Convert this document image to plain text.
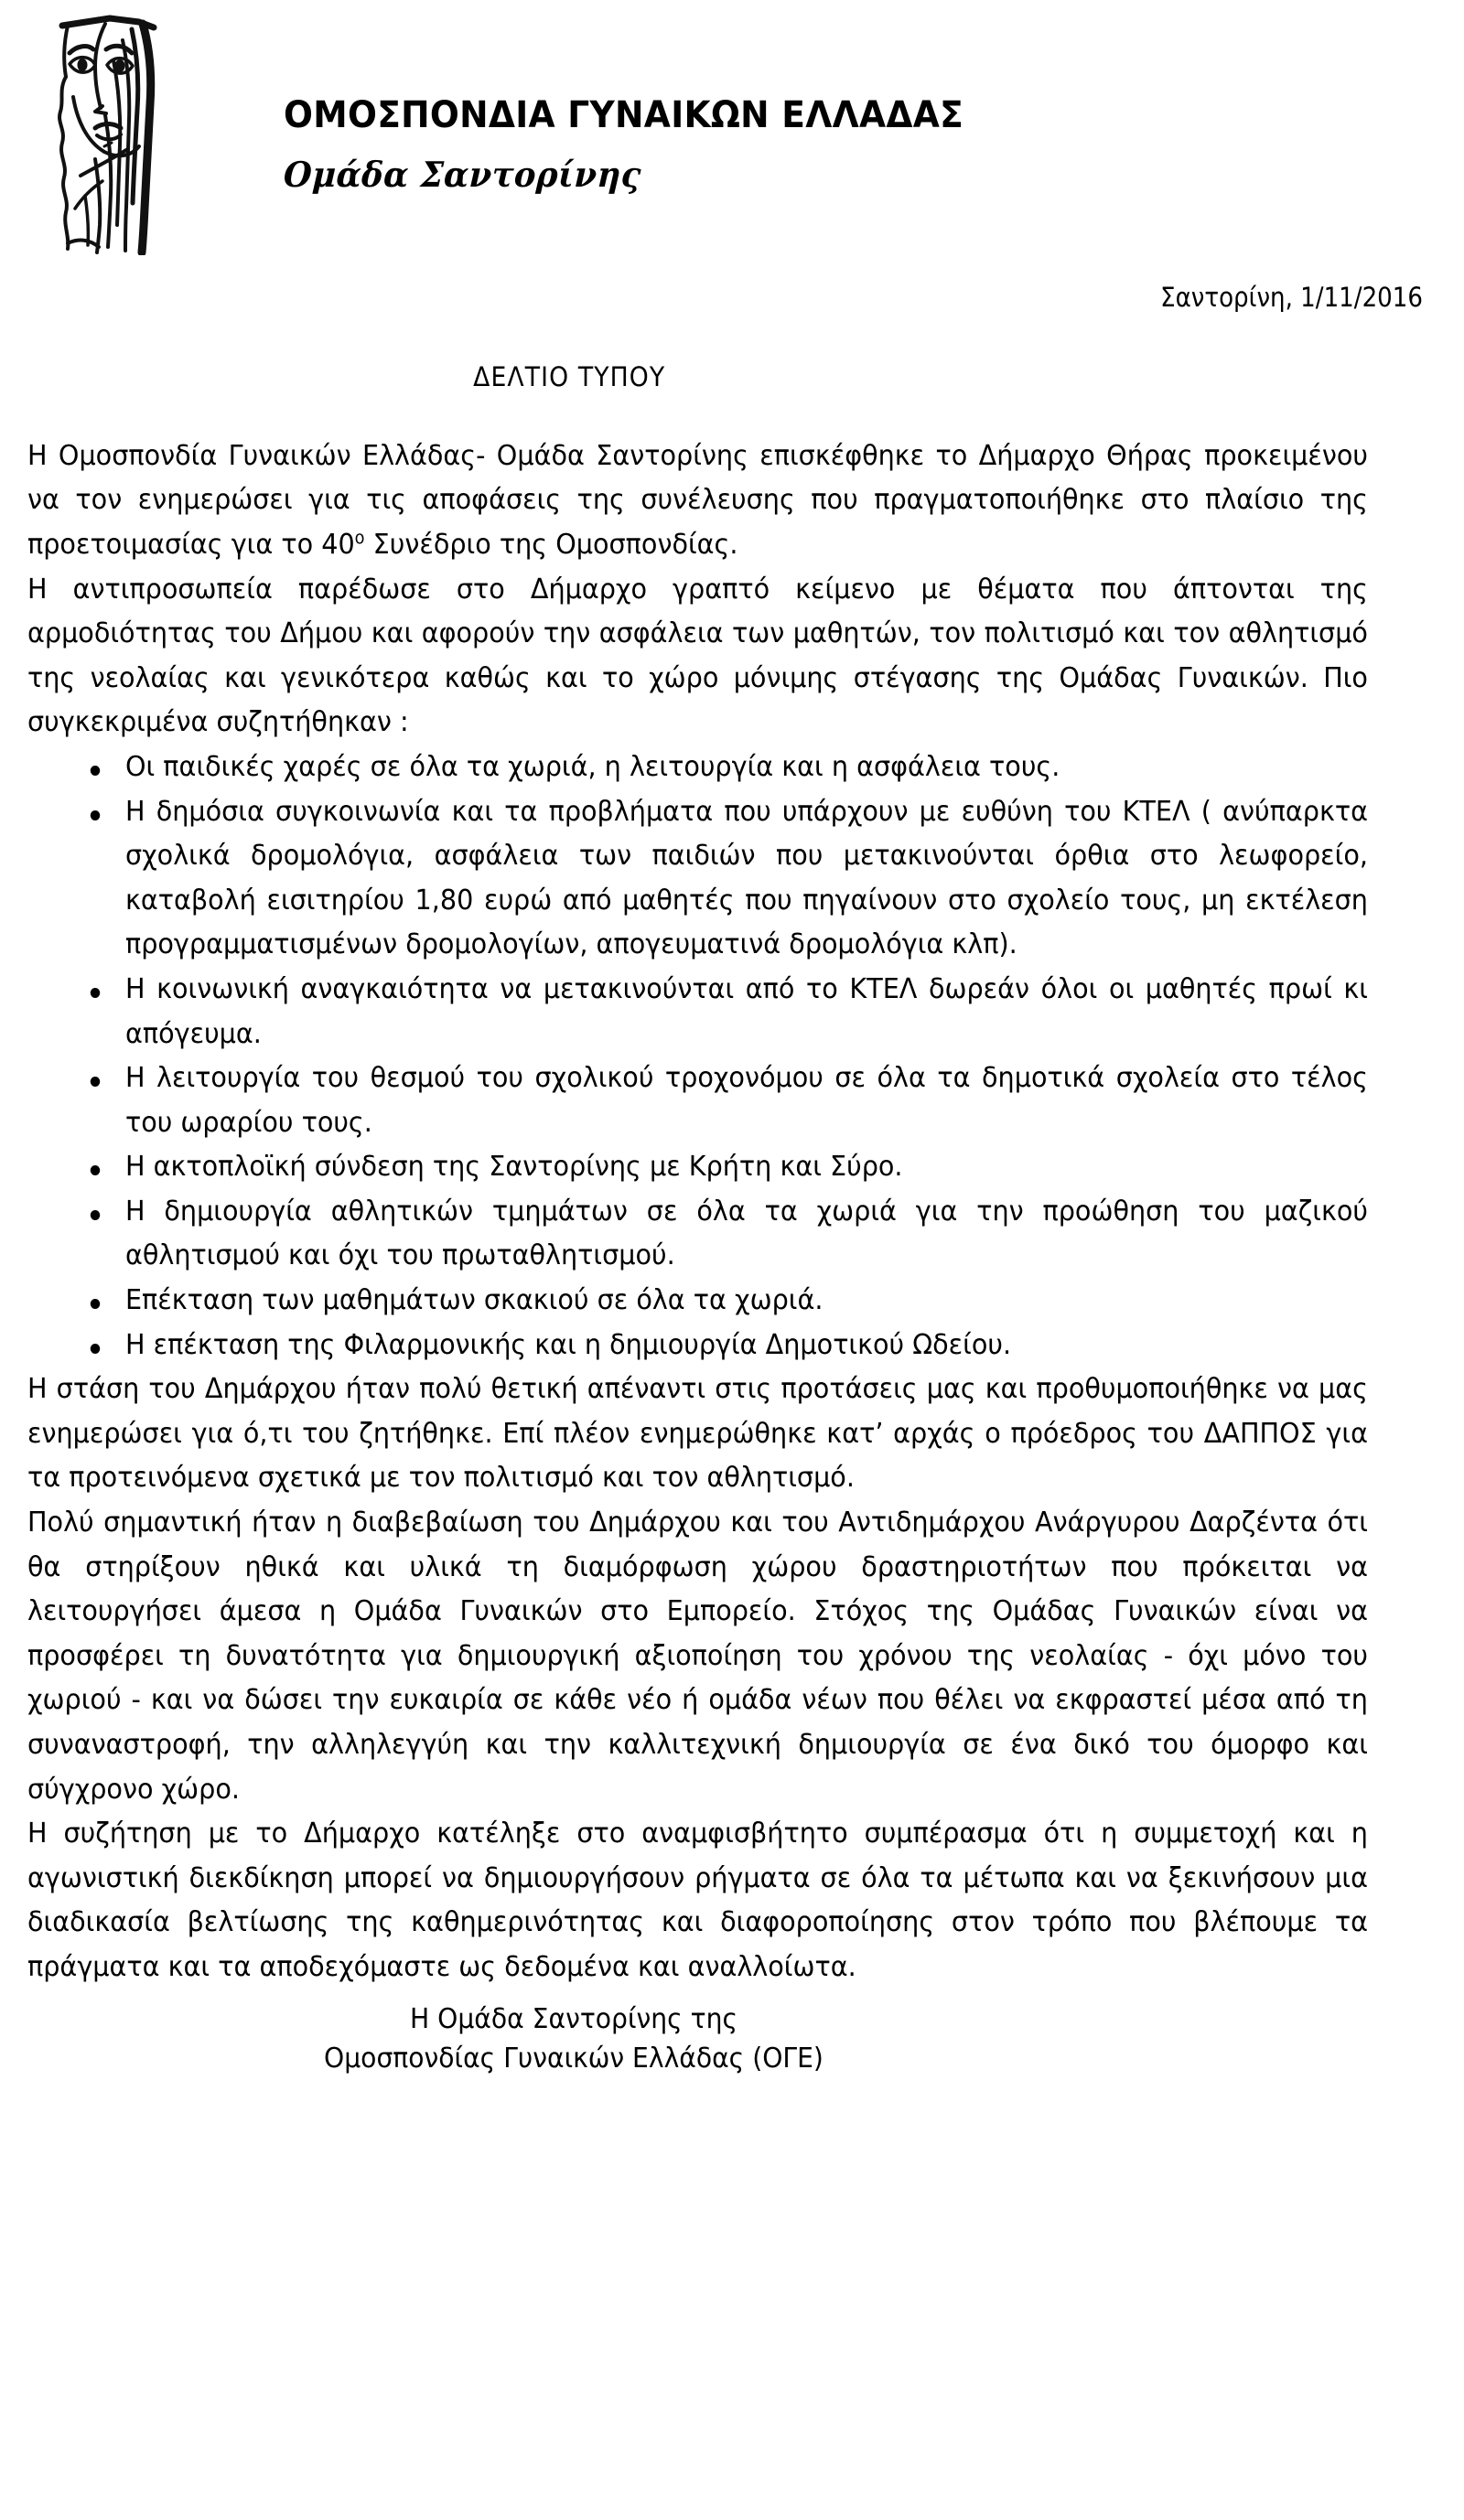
ΟΜΟΣΠΟΝΔΙΑ ΓΥΝΑΙΚΩΝ ΕΛΛΑΔΑΣ
Ομάδα Σαντορίνης
Σαντορίνη, 1/11/2016
ΔΕΛΤΙΟ ΤΥΠΟΥ

Η Ομοσπονδία Γυναικών Ελλάδας- Ομάδα Σαντορίνης επισκέφθηκε το Δήμαρχο Θήρας προκειμένου να τον ενημερώσει για τις αποφάσεις της συνέλευσης που πραγματοποιήθηκε στο πλαίσιο της προετοιμασίας για το $40^o$ Συνέδριο της Ομοσπονδίας.

Η αντιπροσωπεία παρέδωσε στο Δήμαρχο γραπτό κείμενο με θέματα που άπτονται της αρμοδιότητας του Δήμου και αφορούν την ασφάλεια των μαθητών, τον πολιτισμό και τον αθλητισμό της νεολαίας και γενικότερα καθώς και το χώρο μόνιμης στέγασης της Ομάδας Γυναικών. Πιο συγκεκριμένα συζητήθηκαν :

Οι παιδικές χαρές σε όλα τα χωριά, η λειτουργία και η ασφάλεια τους.
Η δημόσια συγκοινωνία και τα προβλήματα που υπάρχουν με ευθύνη του ΚΤΕΛ ( ανύπαρκτα σχολικά δρομολόγια, ασφάλεια των παιδιών που μετακινούνται όρθια στο λεωφορείο, καταβολή εισιτηρίου 1,80 ευρώ από μαθητές που πηγαίνουν στο σχολείο τους, μη εκτέλεση προγραμματισμένων δρομολογίων, απογευματινά δρομολόγια κλπ).
Η κοινωνική αναγκαιότητα να μετακινούνται από το ΚΤΕΛ δωρεάν όλοι οι μαθητές πρωί κι απόγευμα.
Η λειτουργία του θεσμού του σχολικού τροχονόμου σε όλα τα δημοτικά σχολεία στο τέλος του ωραρίου τους.
Η ακτοπλοϊκή σύνδεση της Σαντορίνης με Κρήτη και Σύρο.
Η δημιουργία αθλητικών τμημάτων σε όλα τα χωριά για την προώθηση του μαζικού αθλητισμού και όχι του πρωταθλητισμού.
Επέκταση των μαθημάτων σκακιού σε όλα τα χωριά.
Η επέκταση της Φιλαρμονικής και η δημιουργία Δημοτικού Ωδείου.

Η στάση του Δημάρχου ήταν πολύ θετική απέναντι στις προτάσεις μας και προθυμοποιήθηκε να μας ενημερώσει για ό,τι του ζητήθηκε. Επί πλέον ενημερώθηκε κατ’ αρχάς ο πρόεδρος του ΔΑΠΠΟΣ για τα προτεινόμενα σχετικά με τον πολιτισμό και τον αθλητισμό.

Πολύ σημαντική ήταν η διαβεβαίωση του Δημάρχου και του Αντιδημάρχου Ανάργυρου Δαρζέντα ότι θα στηρίξουν ηθικά και υλικά τη διαμόρφωση χώρου δραστηριοτήτων που πρόκειται να λειτουργήσει άμεσα η Ομάδα Γυναικών στο Εμπορείο. Στόχος της Ομάδας Γυναικών είναι να προσφέρει τη δυνατότητα για δημιουργική αξιοποίηση του χρόνου της νεολαίας - όχι μόνο του χωριού - και να δώσει την ευκαιρία σε κάθε νέο ή ομάδα νέων που θέλει να εκφραστεί μέσα από τη συναναστροφή, την αλληλεγγύη και την καλλιτεχνική δημιουργία σε ένα δικό του όμορφο και σύγχρονο χώρο.

Η συζήτηση με το Δήμαρχο κατέληξε στο αναμφισβήτητο συμπέρασμα ότι η συμμετοχή και η αγωνιστική διεκδίκηση μπορεί να δημιουργήσουν ρήγματα σε όλα τα μέτωπα και να ξεκινήσουν μια διαδικασία βελτίωσης της καθημερινότητας και διαφοροποίησης στον τρόπο που βλέπουμε τα πράγματα και τα αποδεχόμαστε ως δεδομένα και αναλλοίωτα.

Η Ομάδα Σαντορίνης της
Ομοσπονδίας Γυναικών Ελλάδας (ΟΓΕ)
